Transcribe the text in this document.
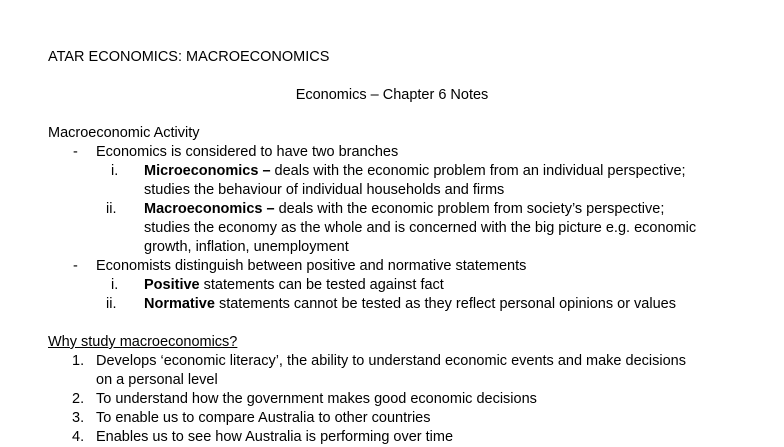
ATAR ECONOMICS: MACROECONOMICS
Economics – Chapter 6 Notes
Macroeconomic Activity
- Economics is considered to have two branches
i. Microeconomics – deals with the economic problem from an individual perspective;
studies the behaviour of individual households and firms
ii. Macroeconomics – deals with the economic problem from society’s perspective;
studies the economy as the whole and is concerned with the big picture e.g. economic
growth, inflation, unemployment
- Economists distinguish between positive and normative statements
i. Positive statements can be tested against fact
ii. Normative statements cannot be tested as they reflect personal opinions or values
Why study macroeconomics?
1. Develops ‘economic literacy’, the ability to understand economic events and make decisions
on a personal level
2. To understand how the government makes good economic decisions
3. To enable us to compare Australia to other countries
4. Enables us to see how Australia is performing over time
